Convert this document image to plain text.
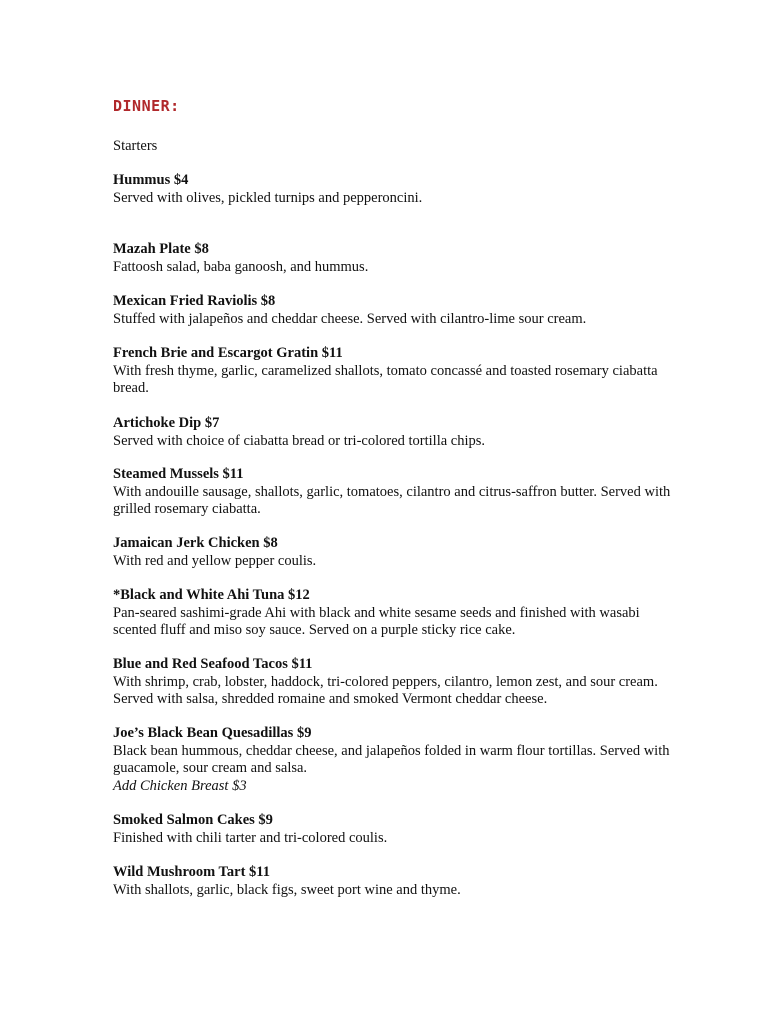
DINNER:
Starters
Hummus $4
Served with olives, pickled turnips and pepperoncini.
Mazah Plate $8
Fattoosh salad, baba ganoosh, and hummus.
Mexican Fried Raviolis $8
Stuffed with jalapeños and cheddar cheese. Served with cilantro-lime sour cream.
French Brie and Escargot Gratin $11
With fresh thyme, garlic, caramelized shallots, tomato concassé and toasted rosemary ciabatta bread.
Artichoke Dip $7
Served with choice of ciabatta bread or tri-colored tortilla chips.
Steamed Mussels $11
With andouille sausage, shallots, garlic, tomatoes, cilantro and citrus-saffron butter. Served with grilled rosemary ciabatta.
Jamaican Jerk Chicken $8
With red and yellow pepper coulis.
*Black and White Ahi Tuna $12
Pan-seared sashimi-grade Ahi with black and white sesame seeds and finished with wasabi scented fluff and miso soy sauce. Served on a purple sticky rice cake.
Blue and Red Seafood Tacos $11
With shrimp, crab, lobster, haddock, tri-colored peppers, cilantro, lemon zest, and sour cream. Served with salsa, shredded romaine and smoked Vermont cheddar cheese.
Joe’s Black Bean Quesadillas $9
Black bean hummous, cheddar cheese, and jalapeños folded in warm flour tortillas. Served with guacamole, sour cream and salsa.
Add Chicken Breast $3
Smoked Salmon Cakes $9
Finished with chili tarter and tri-colored coulis.
Wild Mushroom Tart $11
With shallots, garlic, black figs, sweet port wine and thyme.
